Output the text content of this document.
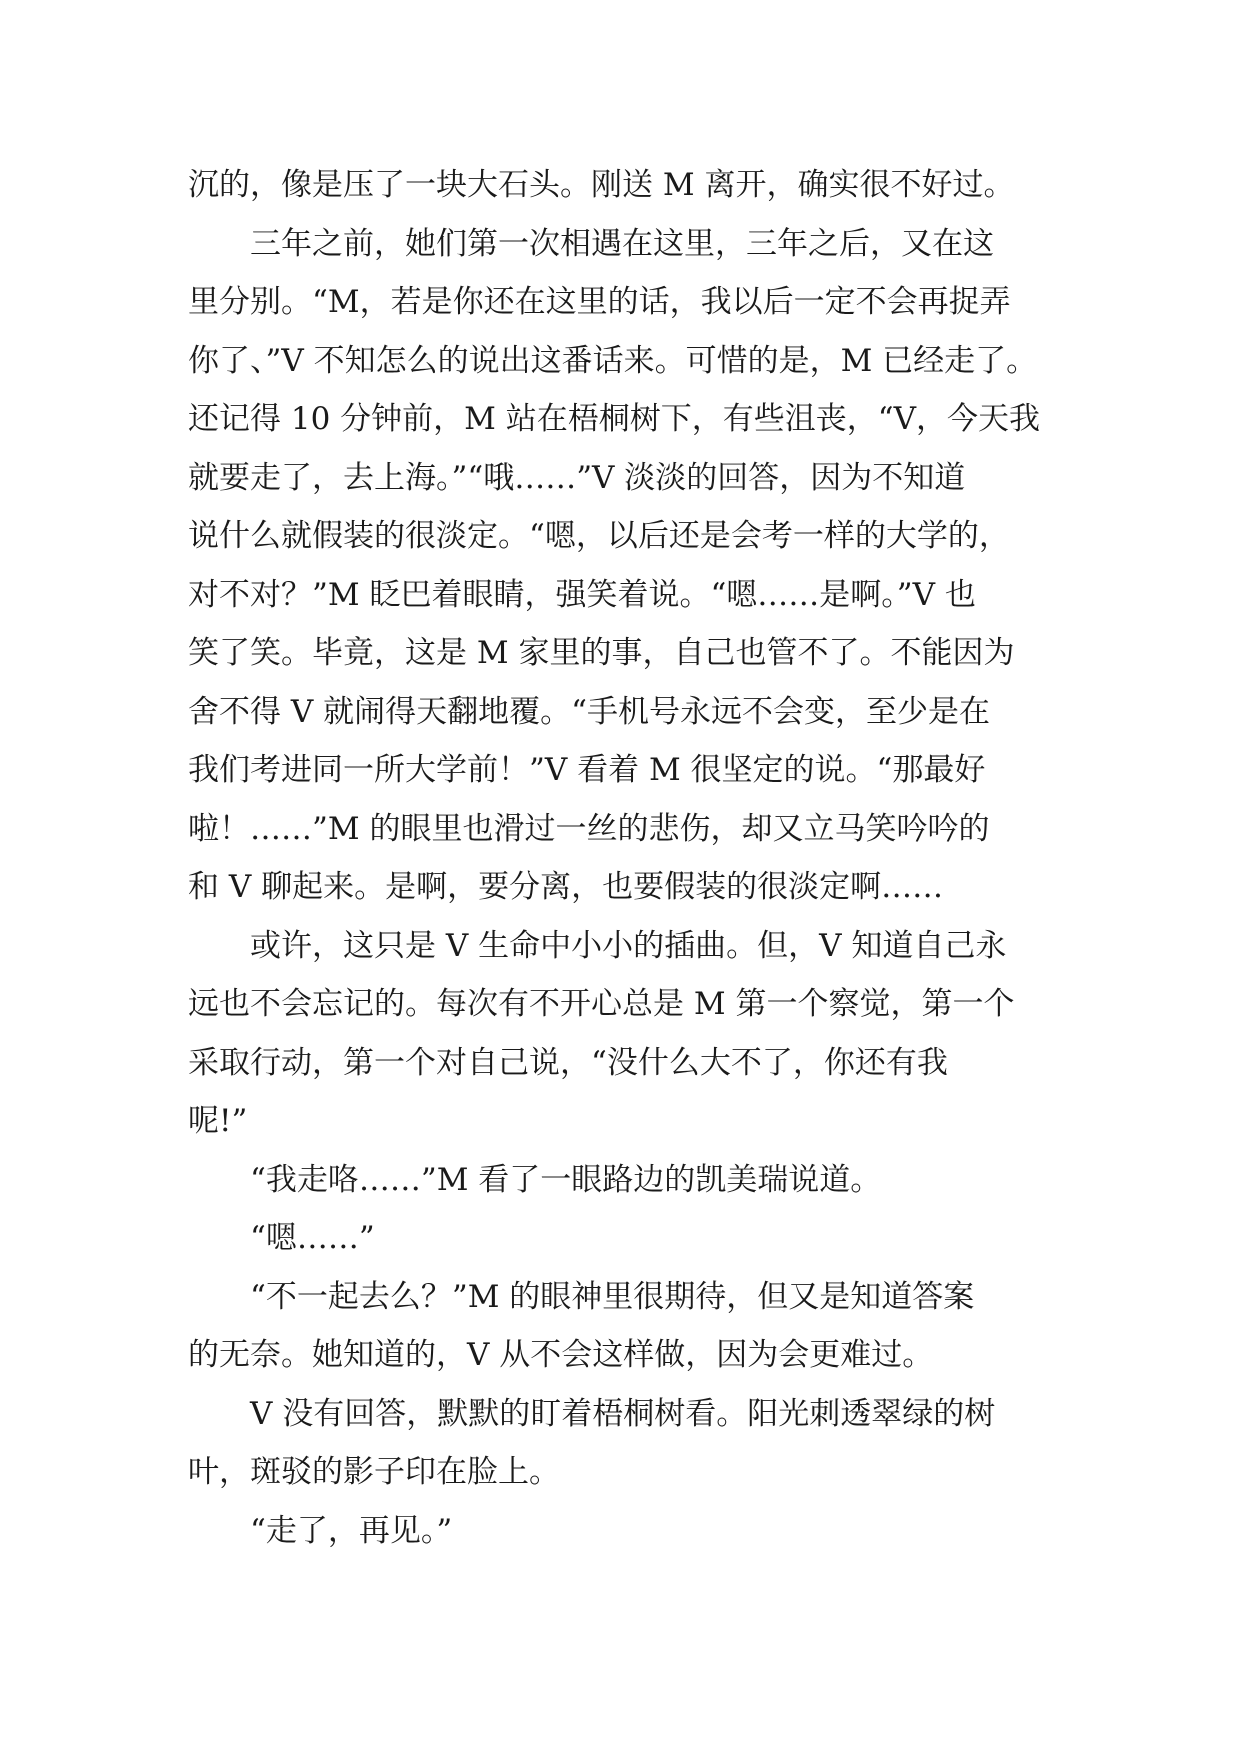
沉的，像是压了一块大石头。刚送 M 离开，确实很不好过。
三年之前，她们第一次相遇在这里，三年之后，又在这
里分别。“M，若是你还在这里的话，我以后一定不会再捉弄
你了、”V 不知怎么的说出这番话来。可惜的是，M 已经走了。
还记得 10 分钟前，M 站在梧桐树下，有些沮丧，“V，今天我
就要走了，去上海。”“哦……”V 淡淡的回答，因为不知道
说什么就假装的很淡定。“嗯，以后还是会考一样的大学的，
对不对？”M 眨巴着眼睛，强笑着说。“嗯……是啊。”V 也
笑了笑。毕竟，这是 M 家里的事，自己也管不了。不能因为
舍不得 V 就闹得天翻地覆。“手机号永远不会变，至少是在
我们考进同一所大学前！”V 看着 M 很坚定的说。“那最好
啦！……”M 的眼里也滑过一丝的悲伤，却又立马笑吟吟的
和 V 聊起来。是啊，要分离，也要假装的很淡定啊……
或许，这只是 V 生命中小小的插曲。但，V 知道自己永
远也不会忘记的。每次有不开心总是 M 第一个察觉，第一个
采取行动，第一个对自己说，“没什么大不了，你还有我
呢!”
“我走咯……”M 看了一眼路边的凯美瑞说道。
“嗯……”
“不一起去么？”M 的眼神里很期待，但又是知道答案
的无奈。她知道的，V 从不会这样做，因为会更难过。
V 没有回答，默默的盯着梧桐树看。阳光刺透翠绿的树
叶，斑驳的影子印在脸上。
“走了，再见。”
